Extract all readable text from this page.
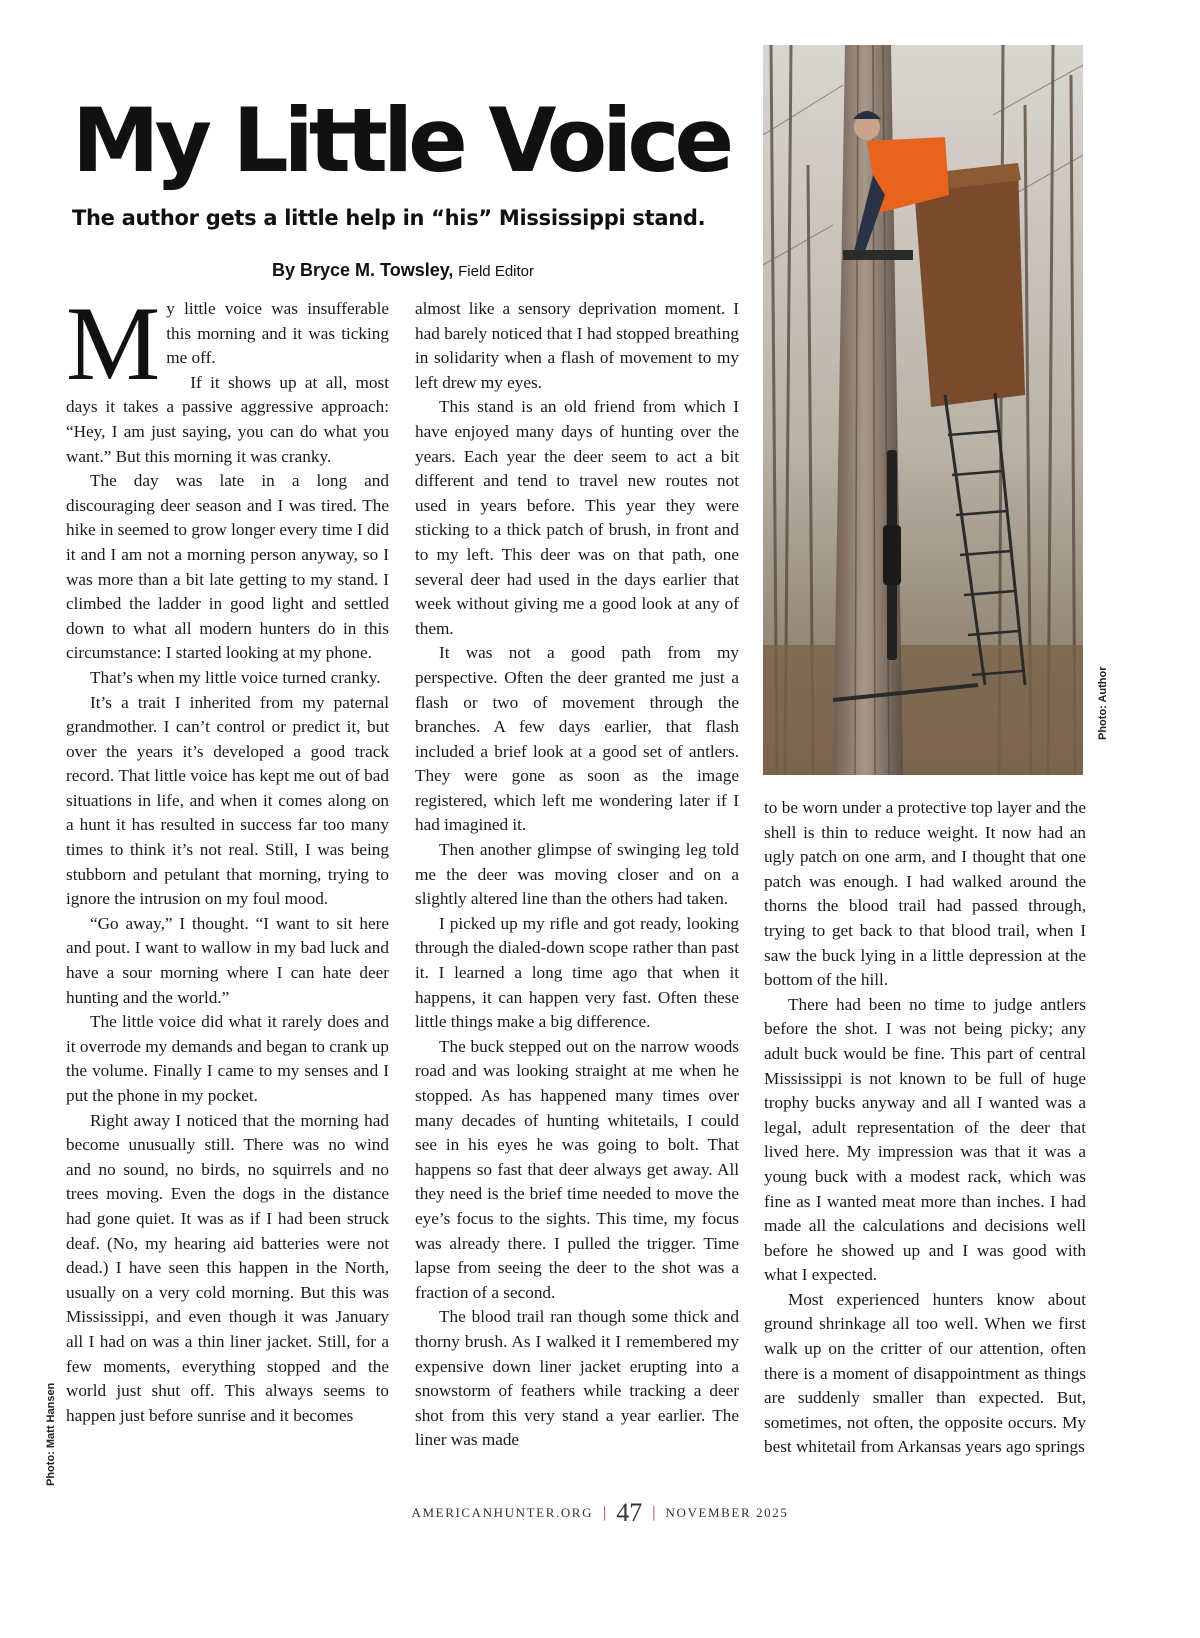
My Little Voice
The author gets a little help in “his” Mississippi stand.
By Bryce M. Towsley, Field Editor
M y little voice was insufferable this morning and it was ticking me off.

If it shows up at all, most days it takes a passive aggressive approach: “Hey, I am just saying, you can do what you want.” But this morning it was cranky.

The day was late in a long and discouraging deer season and I was tired. The hike in seemed to grow longer every time I did it and I am not a morning person anyway, so I was more than a bit late getting to my stand. I climbed the ladder in good light and settled down to what all modern hunters do in this circumstance: I started looking at my phone.

That’s when my little voice turned cranky.

It’s a trait I inherited from my paternal grandmother. I can’t control or predict it, but over the years it’s developed a good track record. That little voice has kept me out of bad situations in life, and when it comes along on a hunt it has resulted in success far too many times to think it’s not real. Still, I was being stubborn and petulant that morning, trying to ignore the intrusion on my foul mood.

“Go away,” I thought. “I want to sit here and pout. I want to wallow in my bad luck and have a sour morning where I can hate deer hunting and the world.”

The little voice did what it rarely does and it overrode my demands and began to crank up the volume. Finally I came to my senses and I put the phone in my pocket.

Right away I noticed that the morning had become unusually still. There was no wind and no sound, no birds, no squirrels and no trees moving. Even the dogs in the distance had gone quiet. It was as if I had been struck deaf. (No, my hearing aid batteries were not dead.) I have seen this happen in the North, usually on a very cold morning. But this was Mississippi, and even though it was January all I had on was a thin liner jacket. Still, for a few moments, everything stopped and the world just shut off. This always seems to happen just before sunrise and it becomes

almost like a sensory deprivation moment. I had barely noticed that I had stopped breathing in solidarity when a flash of movement to my left drew my eyes.

This stand is an old friend from which I have enjoyed many days of hunting over the years. Each year the deer seem to act a bit different and tend to travel new routes not used in years before. This year they were sticking to a thick patch of brush, in front and to my left. This deer was on that path, one several deer had used in the days earlier that week without giving me a good look at any of them.

It was not a good path from my perspective. Often the deer granted me just a flash or two of movement through the branches. A few days earlier, that flash included a brief look at a good set of antlers. They were gone as soon as the image registered, which left me wondering later if I had imagined it.

Then another glimpse of swinging leg told me the deer was moving closer and on a slightly altered line than the others had taken.

I picked up my rifle and got ready, looking through the dialed-down scope rather than past it. I learned a long time ago that when it happens, it can happen very fast. Often these little things make a big difference.

The buck stepped out on the narrow woods road and was looking straight at me when he stopped. As has happened many times over many decades of hunting whitetails, I could see in his eyes he was going to bolt. That happens so fast that deer always get away. All they need is the brief time needed to move the eye’s focus to the sights. This time, my focus was already there. I pulled the trigger. Time lapse from seeing the deer to the shot was a fraction of a second.

The blood trail ran though some thick and thorny brush. As I walked it I remembered my expensive down liner jacket erupting into a snowstorm of feathers while tracking a deer shot from this very stand a year earlier. The liner was made

Photo: Author

to be worn under a protective top layer and the shell is thin to reduce weight. It now had an ugly patch on one arm, and I thought that one patch was enough. I had walked around the thorns the blood trail had passed through, trying to get back to that blood trail, when I saw the buck lying in a little depression at the bottom of the hill.

There had been no time to judge antlers before the shot. I was not being picky; any adult buck would be fine. This part of central Mississippi is not known to be full of huge trophy bucks anyway and all I wanted was a legal, adult representation of the deer that lived here. My impression was that it was a young buck with a modest rack, which was fine as I wanted meat more than inches. I had made all the calculations and decisions well before he showed up and I was good with what I expected.

Most experienced hunters know about ground shrinkage all too well. When we first walk up on the critter of our attention, often there is a moment of disappointment as things are suddenly smaller than expected. But, sometimes, not often, the opposite occurs. My best whitetail from Arkansas years ago springs

Photo: Matt Hansen
AMERICANHUNTER.ORG | 47 | NOVEMBER 2025
